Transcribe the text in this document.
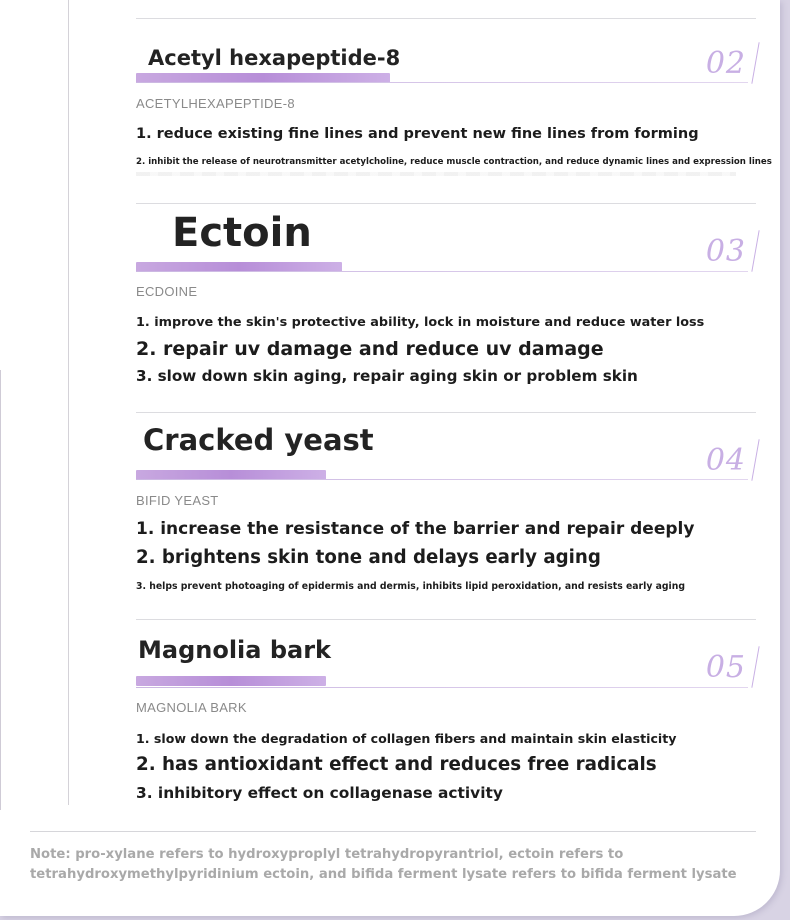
Acetyl hexapeptide-8	02
ACETYLHEXAPEPTIDE-8
1. reduce existing fine lines and prevent new fine lines from forming
2. inhibit the release of neurotransmitter acetylcholine, reduce muscle contraction, and reduce dynamic lines and expression lines
Ectoin	03
ECDOINE
1. improve the skin's protective ability, lock in moisture and reduce water loss
2. repair uv damage and reduce uv damage
3. slow down skin aging, repair aging skin or problem skin
Cracked yeast
04
BIFID YEAST
1. increase the resistance of the barrier and repair deeply
2. brightens skin tone and delays early aging
3. helps prevent photoaging of epidermis and dermis, inhibits lipid peroxidation, and resists early aging
Magnolia bark	05
MAGNOLIA BARK
1. slow down the degradation of collagen fibers and maintain skin elasticity
2. has antioxidant effect and reduces free radicals
3. inhibitory effect on collagenase activity
Note: pro-xylane refers to hydroxyproplyl tetrahydropyrantriol, ectoin refers to tetrahydroxymethylpyridinium ectoin, and bifida ferment lysate refers to bifida ferment lysate
